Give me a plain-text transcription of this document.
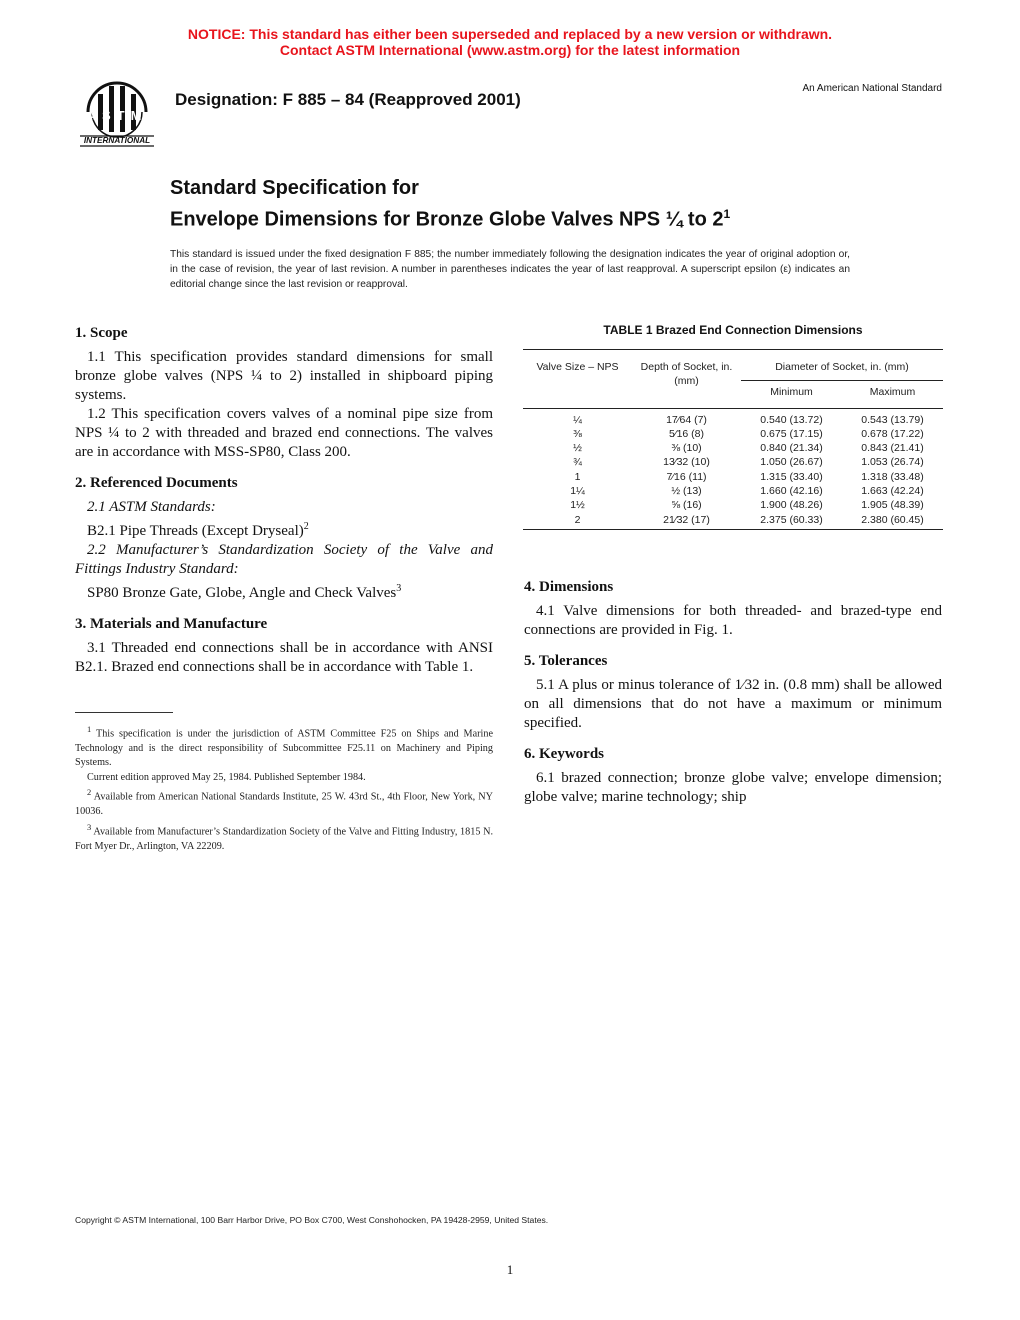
NOTICE: This standard has either been superseded and replaced by a new version or withdrawn.
Contact ASTM International (www.astm.org) for the latest information
ASTM
INTERNATIONAL
Designation: F 885 – 84 (Reapproved 2001)
An American National Standard
Standard Specification for
Envelope Dimensions for Bronze Globe Valves NPS ¼ to $2^1$
This standard is issued under the fixed designation F 885; the number immediately following the designation indicates the year of original adoption or, in the case of revision, the year of last revision. A number in parentheses indicates the year of last reapproval. A superscript epsilon (ε) indicates an editorial change since the last revision or reapproval.
1. Scope

1.1 This specification provides standard dimensions for small bronze globe valves (NPS ¼ to 2) installed in shipboard piping systems.

1.2 This specification covers valves of a nominal pipe size from NPS ¼ to 2 with threaded and brazed end connections. The valves are in accordance with MSS-SP80, Class 200.

2. Referenced Documents

2.1 ASTM Standards:

B2.1 Pipe Threads (Except Dryseal)$^2$

2.2 Manufacturer’s Standardization Society of the Valve and Fittings Industry Standard:

SP80 Bronze Gate, Globe, Angle and Check Valves$^3$

3. Materials and Manufacture

3.1 Threaded end connections shall be in accordance with ANSI B2.1. Brazed end connections shall be in accordance with Table 1.

$^1$ This specification is under the jurisdiction of ASTM Committee F25 on Ships and Marine Technology and is the direct responsibility of Subcommittee F25.11 on Machinery and Piping Systems.

Current edition approved May 25, 1984. Published September 1984.

$^2$ Available from American National Standards Institute, 25 W. 43rd St., 4th Floor, New York, NY 10036.

$^3$ Available from Manufacturer’s Standardization Society of the Valve and Fitting Industry, 1815 N. Fort Myer Dr., Arlington, VA 22209.

TABLE 1 Brazed End Connection Dimensions
Valve Size – NPS	Depth of Socket, in. (mm)	Diameter of Socket, in. (mm)	
		Minimum	Maximum
¼	17⁄64 (7)	0.540 (13.72)	0.543 (13.79)
⅜	5⁄16 (8)	0.675 (17.15)	0.678 (17.22)
½	⅜ (10)	0.840 (21.34)	0.843 (21.41)
¾	13⁄32 (10)	1.050 (26.67)	1.053 (26.74)
1	7⁄16 (11)	1.315 (33.40)	1.318 (33.48)
1¼	½ (13)	1.660 (42.16)	1.663 (42.24)
1½	⅝ (16)	1.900 (48.26)	1.905 (48.39)
2	21⁄32 (17)	2.375 (60.33)	2.380 (60.45)
4. Dimensions

4.1 Valve dimensions for both threaded- and brazed-type end connections are provided in Fig. 1.

5. Tolerances

5.1 A plus or minus tolerance of 1⁄32 in. (0.8 mm) shall be allowed on all dimensions that do not have a maximum or minimum specified.

6. Keywords

6.1 brazed connection; bronze globe valve; envelope dimension; globe valve; marine technology; ship

Copyright © ASTM International, 100 Barr Harbor Drive, PO Box C700, West Conshohocken, PA 19428-2959, United States.
1
